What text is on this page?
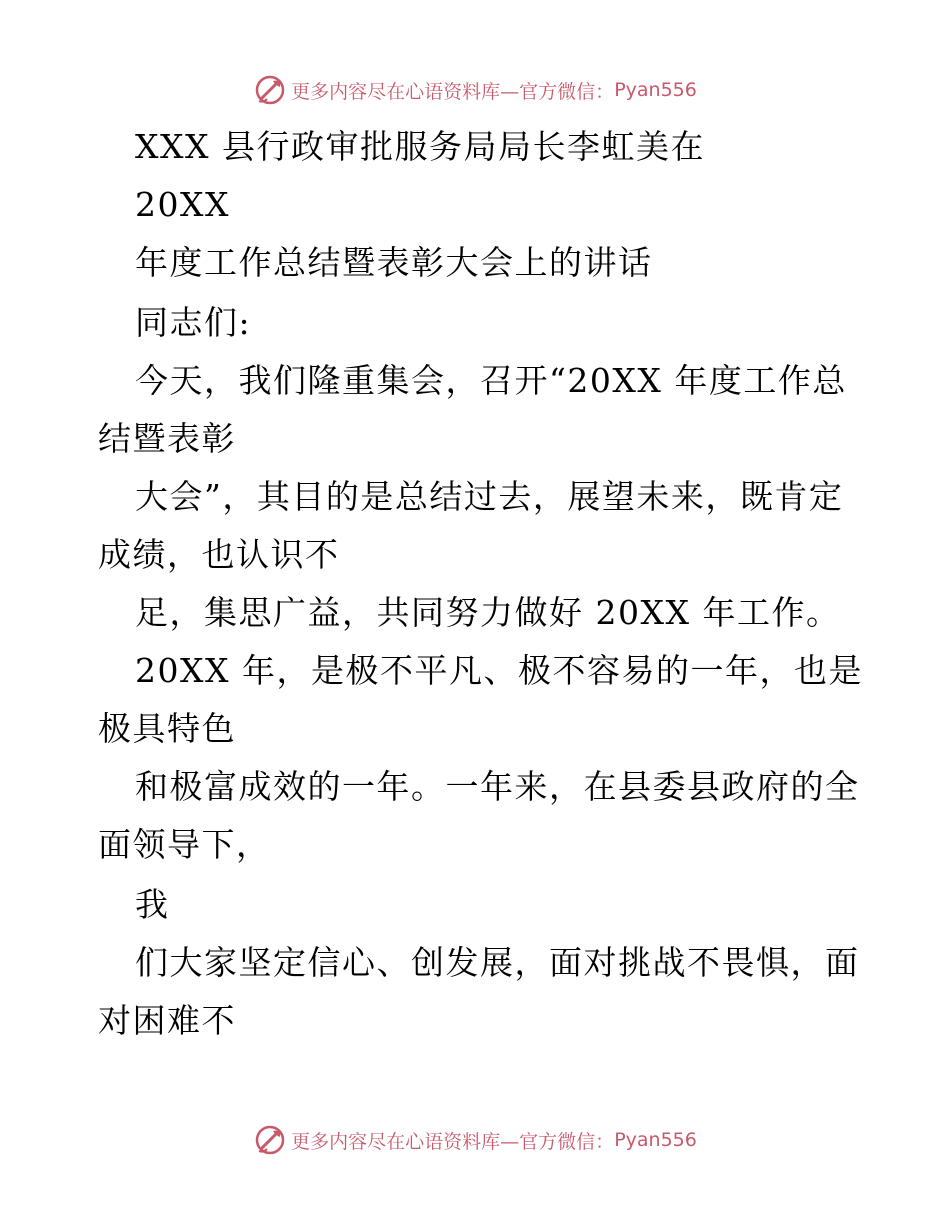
更多内容尽在心语资料库— 官方微信： Pyan556
XXX 县行政审批服务局局长李虹美在
20XX
年度工作总结暨表彰大会上的讲话
同志们:
今天，我们隆重集会，召开“20XX 年度工作总
结暨表彰
大会”，其目的是总结过去，展望未来，既肯定
成绩，也认识不
足，集思广益，共同努力做好 20XX 年工作。
20XX 年，是极不平凡、极不容易的一年，也是
极具特色
和极富成效的一年。一年来，在县委县政府的全
面领导下，
我
们大家坚定信心、创发展，面对挑战不畏惧，面
对困难不
更多内容尽在心语资料库— 官方微信： Pyan556
